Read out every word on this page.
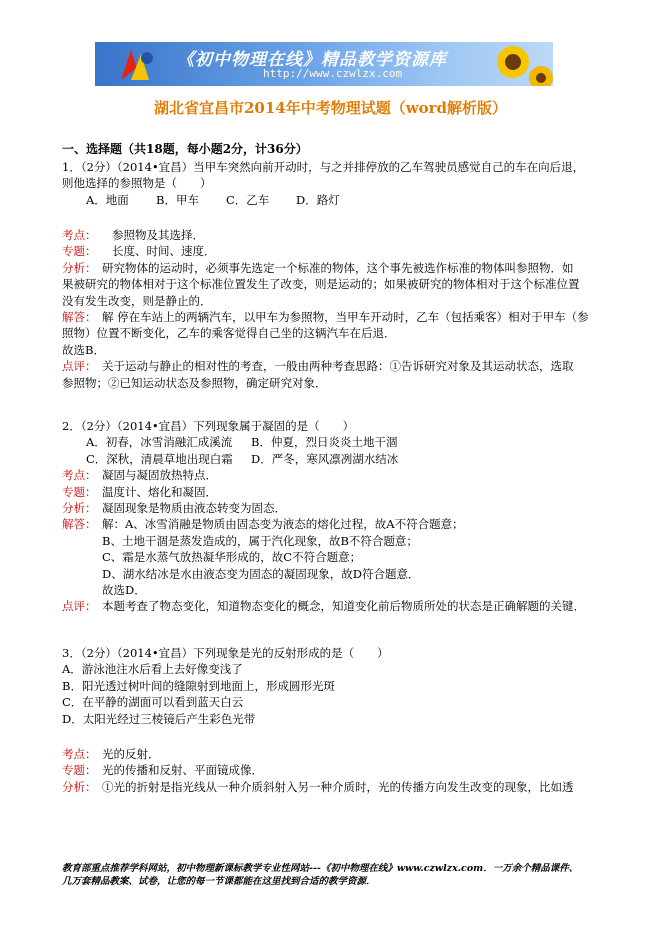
《初中物理在线》精品教学资源库
http://www.czwlzx.com
湖北省宜昌市2014年中考物理试题（word解析版）
一、选择题（共18题，每小题2分，计36分）
1．（2分）（2014•宜昌）当甲车突然向前开动时，与之并排停放的乙车驾驶员感觉自己的车在向后退，
则他选择的参照物是（　　）
A．地面 B．甲车 C．乙车 D．路灯
考点： 参照物及其选择．
专题： 长度、时间、速度．
分析： 研究物体的运动时，必须事先选定一个标准的物体，这个事先被选作标准的物体叫参照物．如
果被研究的物体相对于这个标准位置发生了改变，则是运动的；如果被研究的物体相对于这个标准位置
没有发生改变，则是静止的．
解答： 解 停在车站上的两辆汽车，以甲车为参照物，当甲车开动时，乙车（包括乘客）相对于甲车（参
照物）位置不断变化，乙车的乘客觉得自己坐的这辆汽车在后退．
故选B．
点评： 关于运动与静止的相对性的考查，一般由两种考查思路：①告诉研究对象及其运动状态，选取
参照物；②已知运动状态及参照物，确定研究对象．
2．（2分）（2014•宜昌）下列现象属于凝固的是（　　）
A．初春，冰雪消融汇成溪流 B．仲夏，烈日炎炎土地干涸
C．深秋，清晨草地出现白霜 D．严冬，寒风凛冽湖水结冰
考点： 凝固与凝固放热特点．
专题： 温度计、熔化和凝固．
分析： 凝固现象是物质由液态转变为固态．
解答： 解：A、冰雪消融是物质由固态变为液态的熔化过程，故A不符合题意；
B、土地干涸是蒸发造成的，属于汽化现象，故B不符合题意；
C、霜是水蒸气放热凝华形成的，故C不符合题意；
D、湖水结冰是水由液态变为固态的凝固现象，故D符合题意．
故选D．
点评： 本题考查了物态变化，知道物态变化的概念，知道变化前后物质所处的状态是正确解题的关键．
3．（2分）（2014•宜昌）下列现象是光的反射形成的是（　　）
A．游泳池注水后看上去好像变浅了
B．阳光透过树叶间的缝隙射到地面上，形成圆形光斑
C．在平静的湖面可以看到蓝天白云
D．太阳光经过三棱镜后产生彩色光带
考点： 光的反射．
专题： 光的传播和反射、平面镜成像．
分析： ①光的折射是指光线从一种介质斜射入另一种介质时，光的传播方向发生改变的现象，比如透
教育部重点推荐学科网站，初中物理新课标教学专业性网站---《初中物理在线》www.czwlzx.com．一万余个精品课件、
几万套精品教案、试卷，让您的每一节课都能在这里找到合适的教学资源．
